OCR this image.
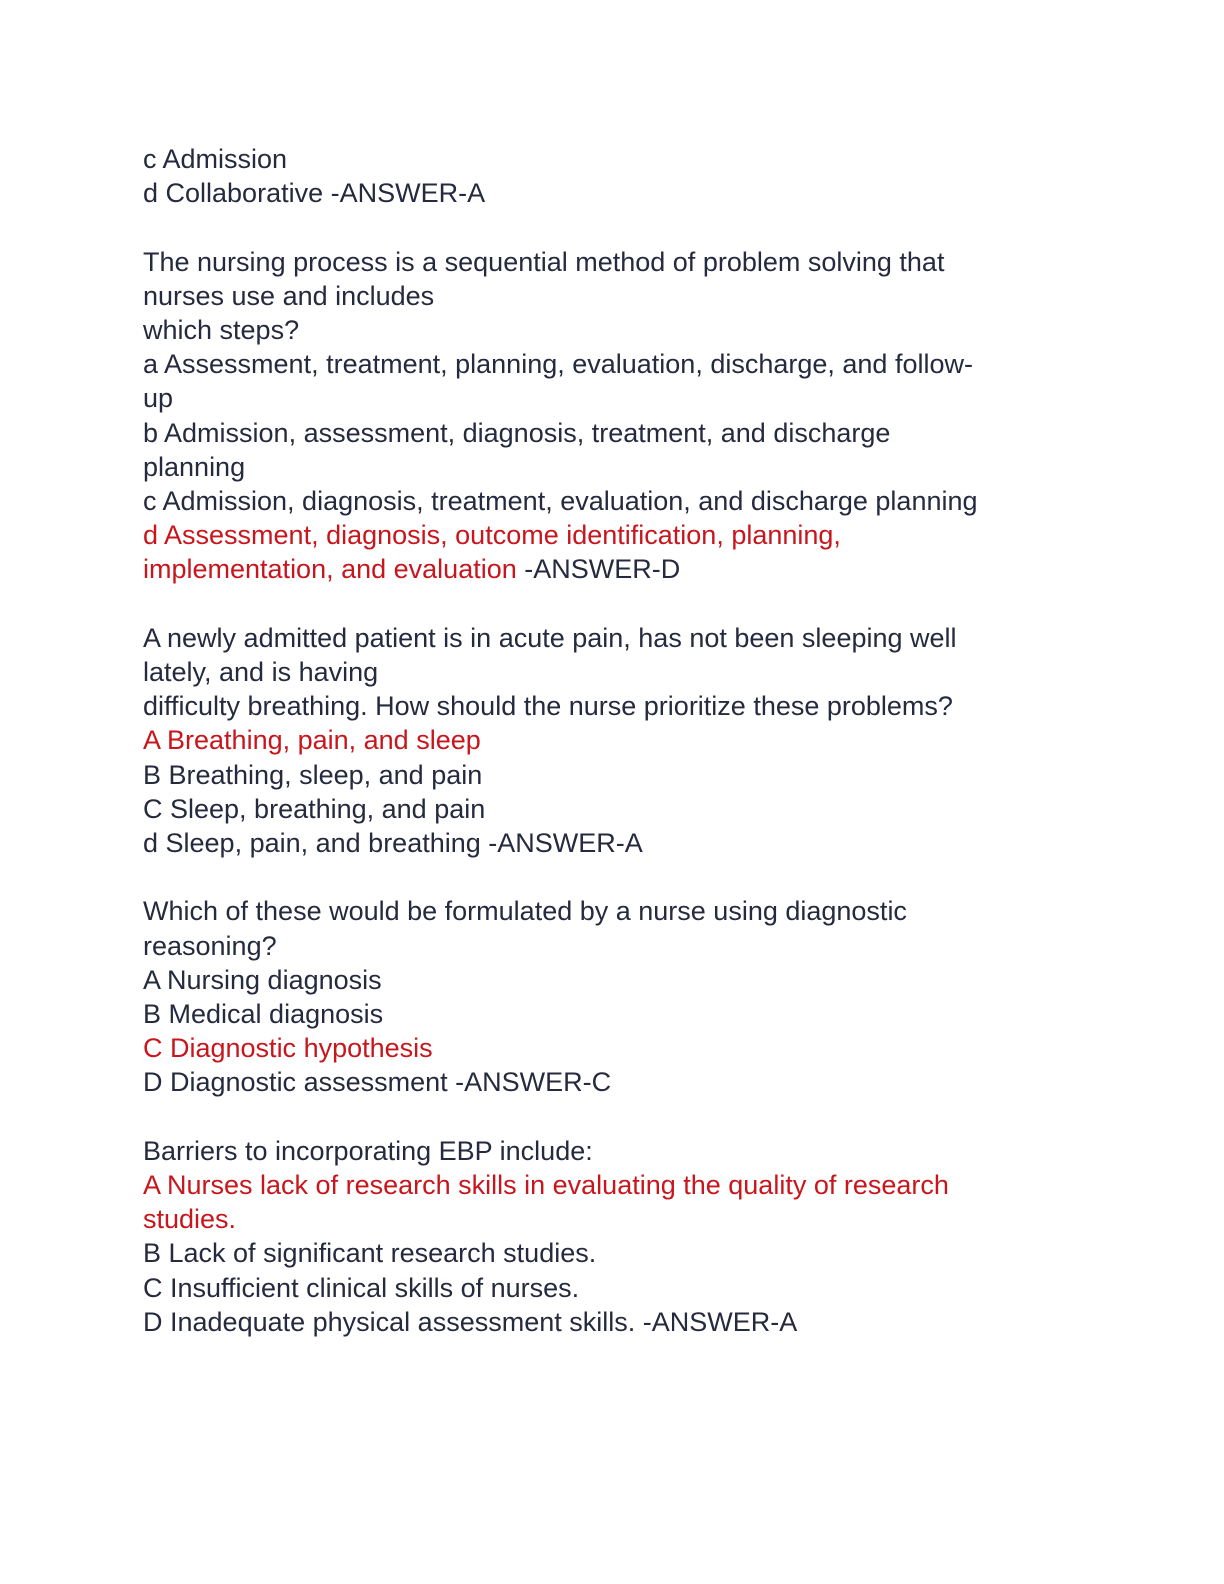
c Admission
d Collaborative -ANSWER-A
The nursing process is a sequential method of problem solving that
nurses use and includes
which steps?
a Assessment, treatment, planning, evaluation, discharge, and follow-
up
b Admission, assessment, diagnosis, treatment, and discharge
planning
c Admission, diagnosis, treatment, evaluation, and discharge planning
d Assessment, diagnosis, outcome identification, planning,
implementation, and evaluation -ANSWER-D
A newly admitted patient is in acute pain, has not been sleeping well
lately, and is having
difficulty breathing. How should the nurse prioritize these problems?
A Breathing, pain, and sleep
B Breathing, sleep, and pain
C Sleep, breathing, and pain
d Sleep, pain, and breathing -ANSWER-A
Which of these would be formulated by a nurse using diagnostic
reasoning?
A Nursing diagnosis
B Medical diagnosis
C Diagnostic hypothesis
D Diagnostic assessment -ANSWER-C
Barriers to incorporating EBP include:
A Nurses lack of research skills in evaluating the quality of research
studies.
B Lack of significant research studies.
C Insufficient clinical skills of nurses.
D Inadequate physical assessment skills. -ANSWER-A
